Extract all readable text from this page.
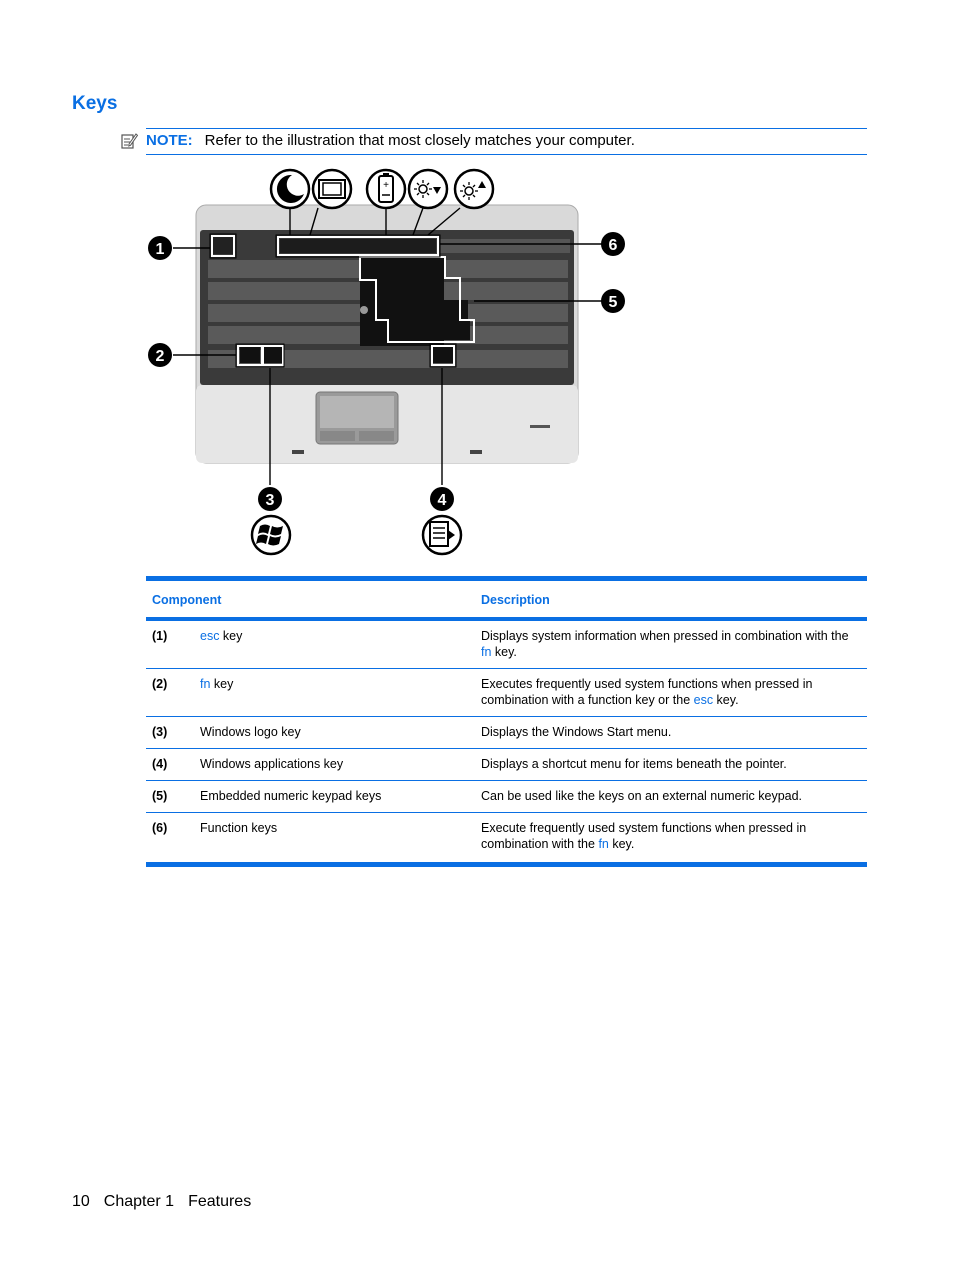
Keys
NOTE: Refer to the illustration that most closely matches your computer.
1
2
3	4
5
6
+
Component		Description
(1)	esc key	Displays system information when pressed in combination with the fn key.
(2)	fn key	Executes frequently used system functions when pressed in combination with a function key or the esc key.
(3)	Windows logo key	Displays the Windows Start menu.
(4)	Windows applications key	Displays a shortcut menu for items beneath the pointer.
(5)	Embedded numeric keypad keys	Can be used like the keys on an external numeric keypad.
(6)	Function keys	Execute frequently used system functions when pressed in combination with the fn key.
10 Chapter 1 Features
